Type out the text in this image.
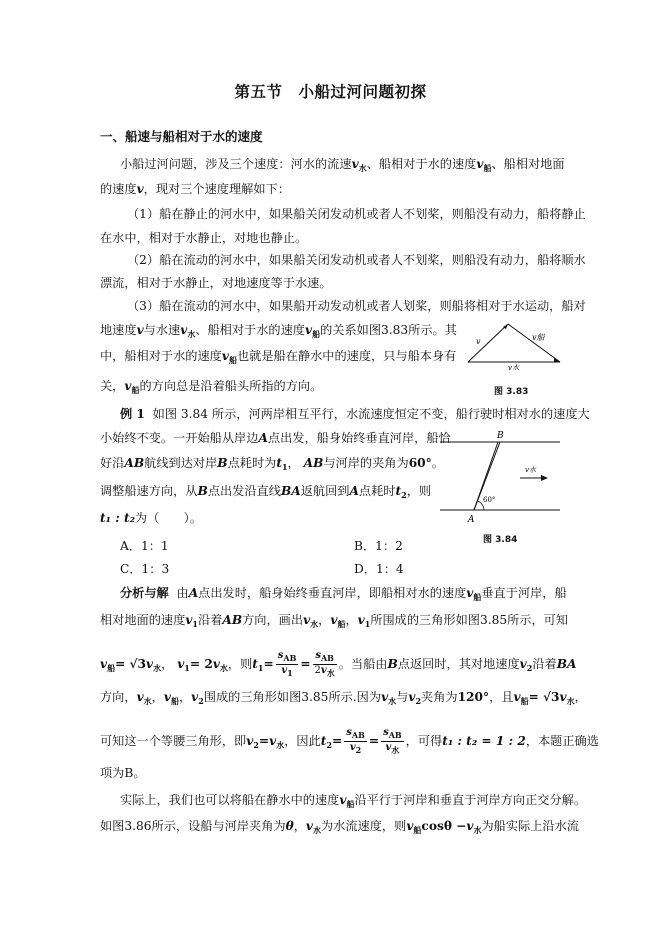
第五节　小船过河问题初探
一、船速与船相对于水的速度
小船过河问题，涉及三个速度：河水的流速$v_水$、船相对于水的速度$v_船$、船相对地面
的速度v，现对三个速度理解如下：
（1）船在静止的河水中，如果船关闭发动机或者人不划桨，则船没有动力，船将静止
在水中，相对于水静止，对地也静止。
（2）船在流动的河水中，如果船关闭发动机或者人不划桨，则船没有动力，船将顺水
漂流，相对于水静止，对地速度等于水速。
（3）船在流动的河水中，如果船开动发动机或者人划桨，则船将相对于水运动，船对
地速度v与水速$v_水$、船相对于水的速度$v_船$的关系如图3.83所示。其
中，船相对于水的速度$v_船$也就是船在静水中的速度，只与船本身有
关，$v_船$的方向总是沿着船头所指的方向。
v	v船
v水
图 3.83
例 1 如图 3.84 所示，河两岸相互平行，水流速度恒定不变，船行驶时相对水的速度大
小始终不变。一开始船从岸边A点出发，船身始终垂直河岸，船恰
好沿AB航线到达对岸B点耗时为$t_1$， AB与河岸的夹角为60°。
调整船速方向，从B点出发沿直线BA返航回到A点耗时$t_2$，则
t₁ : t₂为（　　）。
B
A
60°
v水
图 3.84
A．1：1	B．1：2
C．1：3	D．1：4
分析与解 由A点出发时，船身始终垂直河岸，即船相对水的速度$v_船$垂直于河岸，船
相对地面的速度$v_1$沿着AB方向，画出$v_水$，$v_船$，$v_1$所围成的三角形如图3.85所示，可知
$v_船= √3v_水$， $v_1= 2v_水$，则$t_1= \frac{s_{AB}}{v_1} = \frac{s_{AB}}{2v_水}$ 。当船由B点返回时，其对地速度$v_2$沿着BA
方向，$v_水$，$v_船$，$v_2$围成的三角形如图3.85所示.因为$v_水$与$v_2$夹角为120°，且$v_船= √3v_水$，
可知这一个等腰三角形，即$v_2=v_水$，因此$t_2= \frac{s_{AB}}{v_2} = \frac{s_{AB}}{v_水}$ ，可得t₁ : t₂ = 1 : 2，本题正确选
项为B。
实际上，我们也可以将船在静水中的速度$v_船$沿平行于河岸和垂直于河岸方向正交分解。
如图3.86所示，设船与河岸夹角为θ，$v_水$为水流速度，则$v_船\cos\theta -v_水$为船实际上沿水流
